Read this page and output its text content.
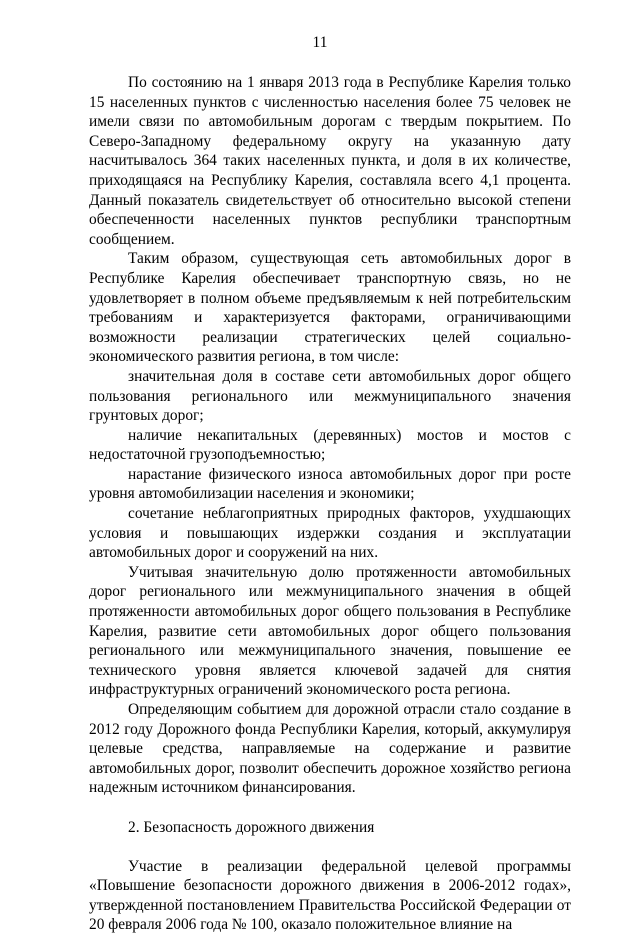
11

По состоянию на 1 января 2013 года в Республике Карелия только 15 населенных пунктов с численностью населения более 75 человек не имели связи по автомобильным дорогам с твердым покрытием. По Северо-Западному федеральному округу на указанную дату насчитывалось 364 таких населенных пункта, и доля в их количестве, приходящаяся на Республику Карелия, составляла всего 4,1 процента. Данный показатель свидетельствует об относительно высокой степени обеспеченности населенных пунктов республики транспортным сообщением.

Таким образом, существующая сеть автомобильных дорог в Республике Карелия обеспечивает транспортную связь, но не удовлетворяет в полном объеме предъявляемым к ней потребительским требованиям и характеризуется факторами, ограничивающими возможности реализации стратегических целей социально-экономического развития региона, в том числе:

значительная доля в составе сети автомобильных дорог общего пользования регионального или межмуниципального значения грунтовых дорог;

наличие некапитальных (деревянных) мостов и мостов с недостаточной грузоподъемностью;

нарастание физического износа автомобильных дорог при росте уровня автомобилизации населения и экономики;

сочетание неблагоприятных природных факторов, ухудшающих условия и повышающих издержки создания и эксплуатации автомобильных дорог и сооружений на них.

Учитывая значительную долю протяженности автомобильных дорог регионального или межмуниципального значения в общей протяженности автомобильных дорог общего пользования в Республике Карелия, развитие сети автомобильных дорог общего пользования регионального или межмуниципального значения, повышение ее технического уровня является ключевой задачей для снятия инфраструктурных ограничений экономического роста региона.

Определяющим событием для дорожной отрасли стало создание в 2012 году Дорожного фонда Республики Карелия, который, аккумулируя целевые средства, направляемые на содержание и развитие автомобильных дорог, позволит обеспечить дорожное хозяйство региона надежным источником финансирования.

2. Безопасность дорожного движения

Участие в реализации федеральной целевой программы «Повышение безопасности дорожного движения в 2006-2012 годах», утвержденной постановлением Правительства Российской Федерации от 20 февраля 2006 года № 100, оказало положительное влияние на
